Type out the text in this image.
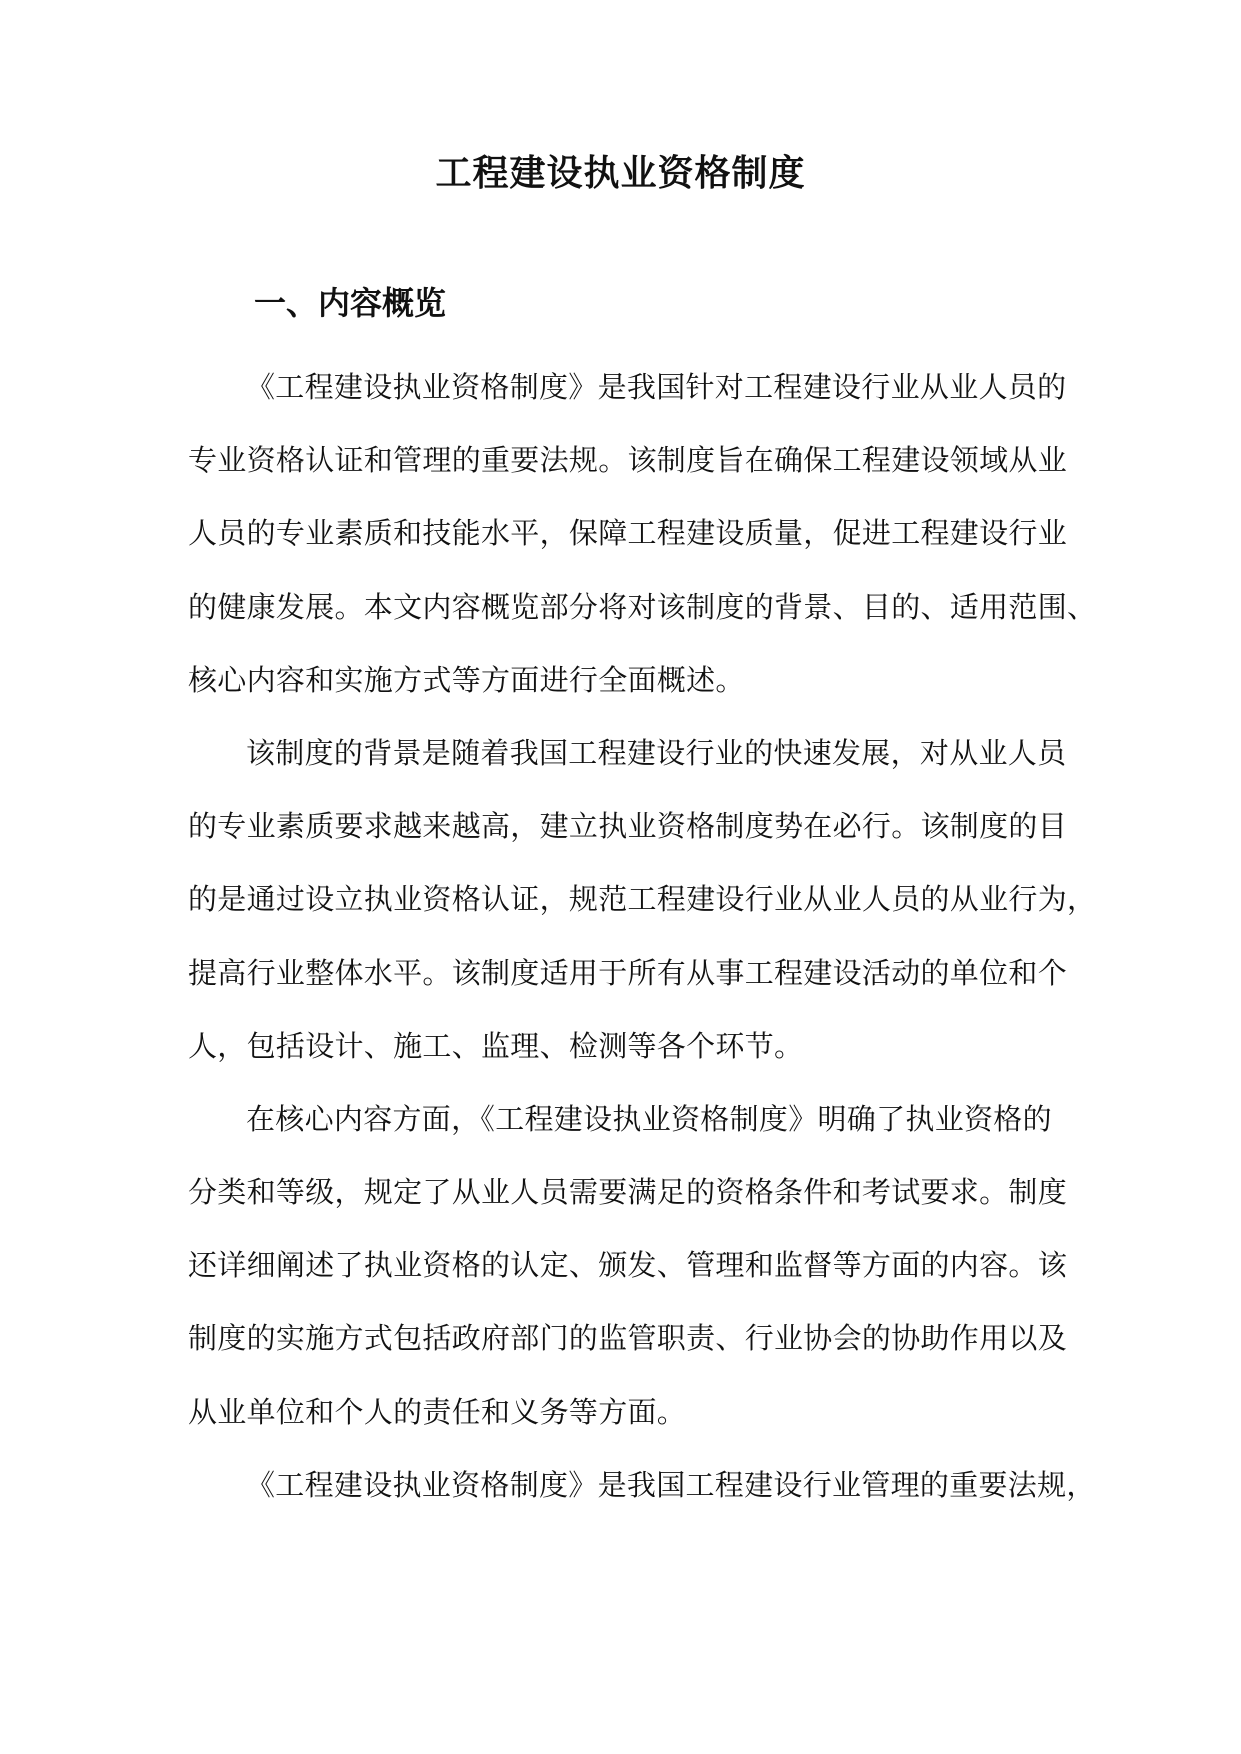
工程建设执业资格制度
一、内容概览
《工程建设执业资格制度》是我国针对工程建设行业从业人员的
专业资格认证和管理的重要法规。该制度旨在确保工程建设领域从业
人员的专业素质和技能水平，保障工程建设质量，促进工程建设行业
的健康发展。本文内容概览部分将对该制度的背景、目的、适用范围、
核心内容和实施方式等方面进行全面概述。
该制度的背景是随着我国工程建设行业的快速发展，对从业人员
的专业素质要求越来越高，建立执业资格制度势在必行。该制度的目
的是通过设立执业资格认证，规范工程建设行业从业人员的从业行为，
提高行业整体水平。该制度适用于所有从事工程建设活动的单位和个
人，包括设计、施工、监理、检测等各个环节。
在核心内容方面，《工程建设执业资格制度》明确了执业资格的
分类和等级，规定了从业人员需要满足的资格条件和考试要求。制度
还详细阐述了执业资格的认定、颁发、管理和监督等方面的内容。该
制度的实施方式包括政府部门的监管职责、行业协会的协助作用以及
从业单位和个人的责任和义务等方面。
《工程建设执业资格制度》是我国工程建设行业管理的重要法规，
